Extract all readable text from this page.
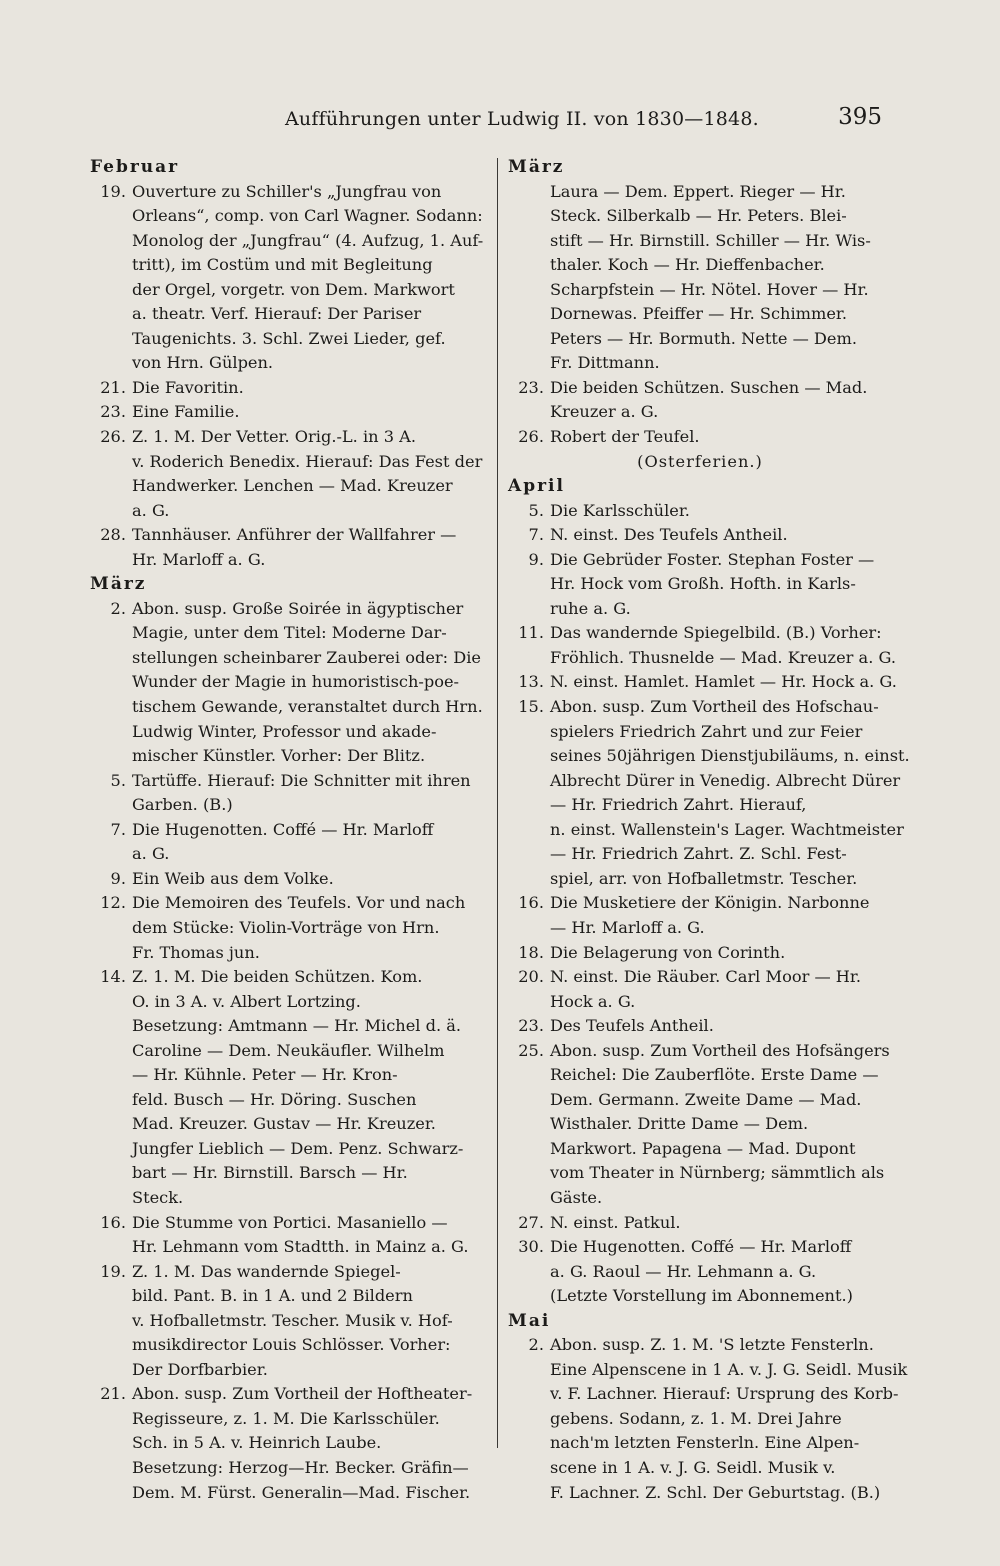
Aufführungen unter Ludwig II. von 1830—1848.	395
Februar
19. Ouverture zu Schiller's „Jungfrau von
Orleans“, comp. von Carl Wagner. Sodann:
Monolog der „Jungfrau“ (4. Aufzug, 1. Auf-
tritt), im Costüm und mit Begleitung
der Orgel, vorgetr. von Dem. Markwort
a. theatr. Verf. Hierauf: Der Pariser
Taugenichts. 3. Schl. Zwei Lieder, gef.
von Hrn. Gülpen.
21. Die Favoritin.
23. Eine Familie.
26. Z. 1. M. Der Vetter. Orig.-L. in 3 A.
v. Roderich Benedix. Hierauf: Das Fest der
Handwerker. Lenchen — Mad. Kreuzer
a. G.
28. Tannhäuser. Anführer der Wallfahrer —
Hr. Marloff a. G.
März
2. Abon. susp. Große Soirée in ägyptischer
Magie, unter dem Titel: Moderne Dar-
stellungen scheinbarer Zauberei oder: Die
Wunder der Magie in humoristisch-poe-
tischem Gewande, veranstaltet durch Hrn.
Ludwig Winter, Professor und akade-
mischer Künstler. Vorher: Der Blitz.
5. Tartüffe. Hierauf: Die Schnitter mit ihren
Garben. (B.)
7. Die Hugenotten. Coffé — Hr. Marloff
a. G.
9. Ein Weib aus dem Volke.
12. Die Memoiren des Teufels. Vor und nach
dem Stücke: Violin-Vorträge von Hrn.
Fr. Thomas jun.
14. Z. 1. M. Die beiden Schützen. Kom.
O. in 3 A. v. Albert Lortzing.
Besetzung: Amtmann — Hr. Michel d. ä.
Caroline — Dem. Neukäufler. Wilhelm
— Hr. Kühnle. Peter — Hr. Kron-
feld. Busch — Hr. Döring. Suschen
Mad. Kreuzer. Gustav — Hr. Kreuzer.
Jungfer Lieblich — Dem. Penz. Schwarz-
bart — Hr. Birnstill. Barsch — Hr.
Steck.
16. Die Stumme von Portici. Masaniello —
Hr. Lehmann vom Stadtth. in Mainz a. G.
19. Z. 1. M. Das wandernde Spiegel-
bild. Pant. B. in 1 A. und 2 Bildern
v. Hofballetmstr. Tescher. Musik v. Hof-
musikdirector Louis Schlösser. Vorher:
Der Dorfbarbier.
21. Abon. susp. Zum Vortheil der Hoftheater-
Regisseure, z. 1. M. Die Karlsschüler.
Sch. in 5 A. v. Heinrich Laube.
Besetzung: Herzog—Hr. Becker. Gräfin—
Dem. M. Fürst. Generalin—Mad. Fischer.
März
Laura — Dem. Eppert. Rieger — Hr.
Steck. Silberkalb — Hr. Peters. Blei-
stift — Hr. Birnstill. Schiller — Hr. Wis-
thaler. Koch — Hr. Dieffenbacher.
Scharpfstein — Hr. Nötel. Hover — Hr.
Dornewas. Pfeiffer — Hr. Schimmer.
Peters — Hr. Bormuth. Nette — Dem.
Fr. Dittmann.
23. Die beiden Schützen. Suschen — Mad.
Kreuzer a. G.
26. Robert der Teufel.
(Osterferien.)
April
5. Die Karlsschüler.
7. N. einst. Des Teufels Antheil.
9. Die Gebrüder Foster. Stephan Foster —
Hr. Hock vom Großh. Hofth. in Karls-
ruhe a. G.
11. Das wandernde Spiegelbild. (B.) Vorher:
Fröhlich. Thusnelde — Mad. Kreuzer a. G.
13. N. einst. Hamlet. Hamlet — Hr. Hock a. G.
15. Abon. susp. Zum Vortheil des Hofschau-
spielers Friedrich Zahrt und zur Feier
seines 50jährigen Dienstjubiläums, n. einst.
Albrecht Dürer in Venedig. Albrecht Dürer
— Hr. Friedrich Zahrt. Hierauf,
n. einst. Wallenstein's Lager. Wachtmeister
— Hr. Friedrich Zahrt. Z. Schl. Fest-
spiel, arr. von Hofballetmstr. Tescher.
16. Die Musketiere der Königin. Narbonne
— Hr. Marloff a. G.
18. Die Belagerung von Corinth.
20. N. einst. Die Räuber. Carl Moor — Hr.
Hock a. G.
23. Des Teufels Antheil.
25. Abon. susp. Zum Vortheil des Hofsängers
Reichel: Die Zauberflöte. Erste Dame —
Dem. Germann. Zweite Dame — Mad.
Wisthaler. Dritte Dame — Dem.
Markwort. Papagena — Mad. Dupont
vom Theater in Nürnberg; sämmtlich als
Gäste.
27. N. einst. Patkul.
30. Die Hugenotten. Coffé — Hr. Marloff
a. G. Raoul — Hr. Lehmann a. G.
(Letzte Vorstellung im Abonnement.)
Mai
2. Abon. susp. Z. 1. M. 'S letzte Fensterln.
Eine Alpenscene in 1 A. v. J. G. Seidl. Musik
v. F. Lachner. Hierauf: Ursprung des Korb-
gebens. Sodann, z. 1. M. Drei Jahre
nach'm letzten Fensterln. Eine Alpen-
scene in 1 A. v. J. G. Seidl. Musik v.
F. Lachner. Z. Schl. Der Geburtstag. (B.)
